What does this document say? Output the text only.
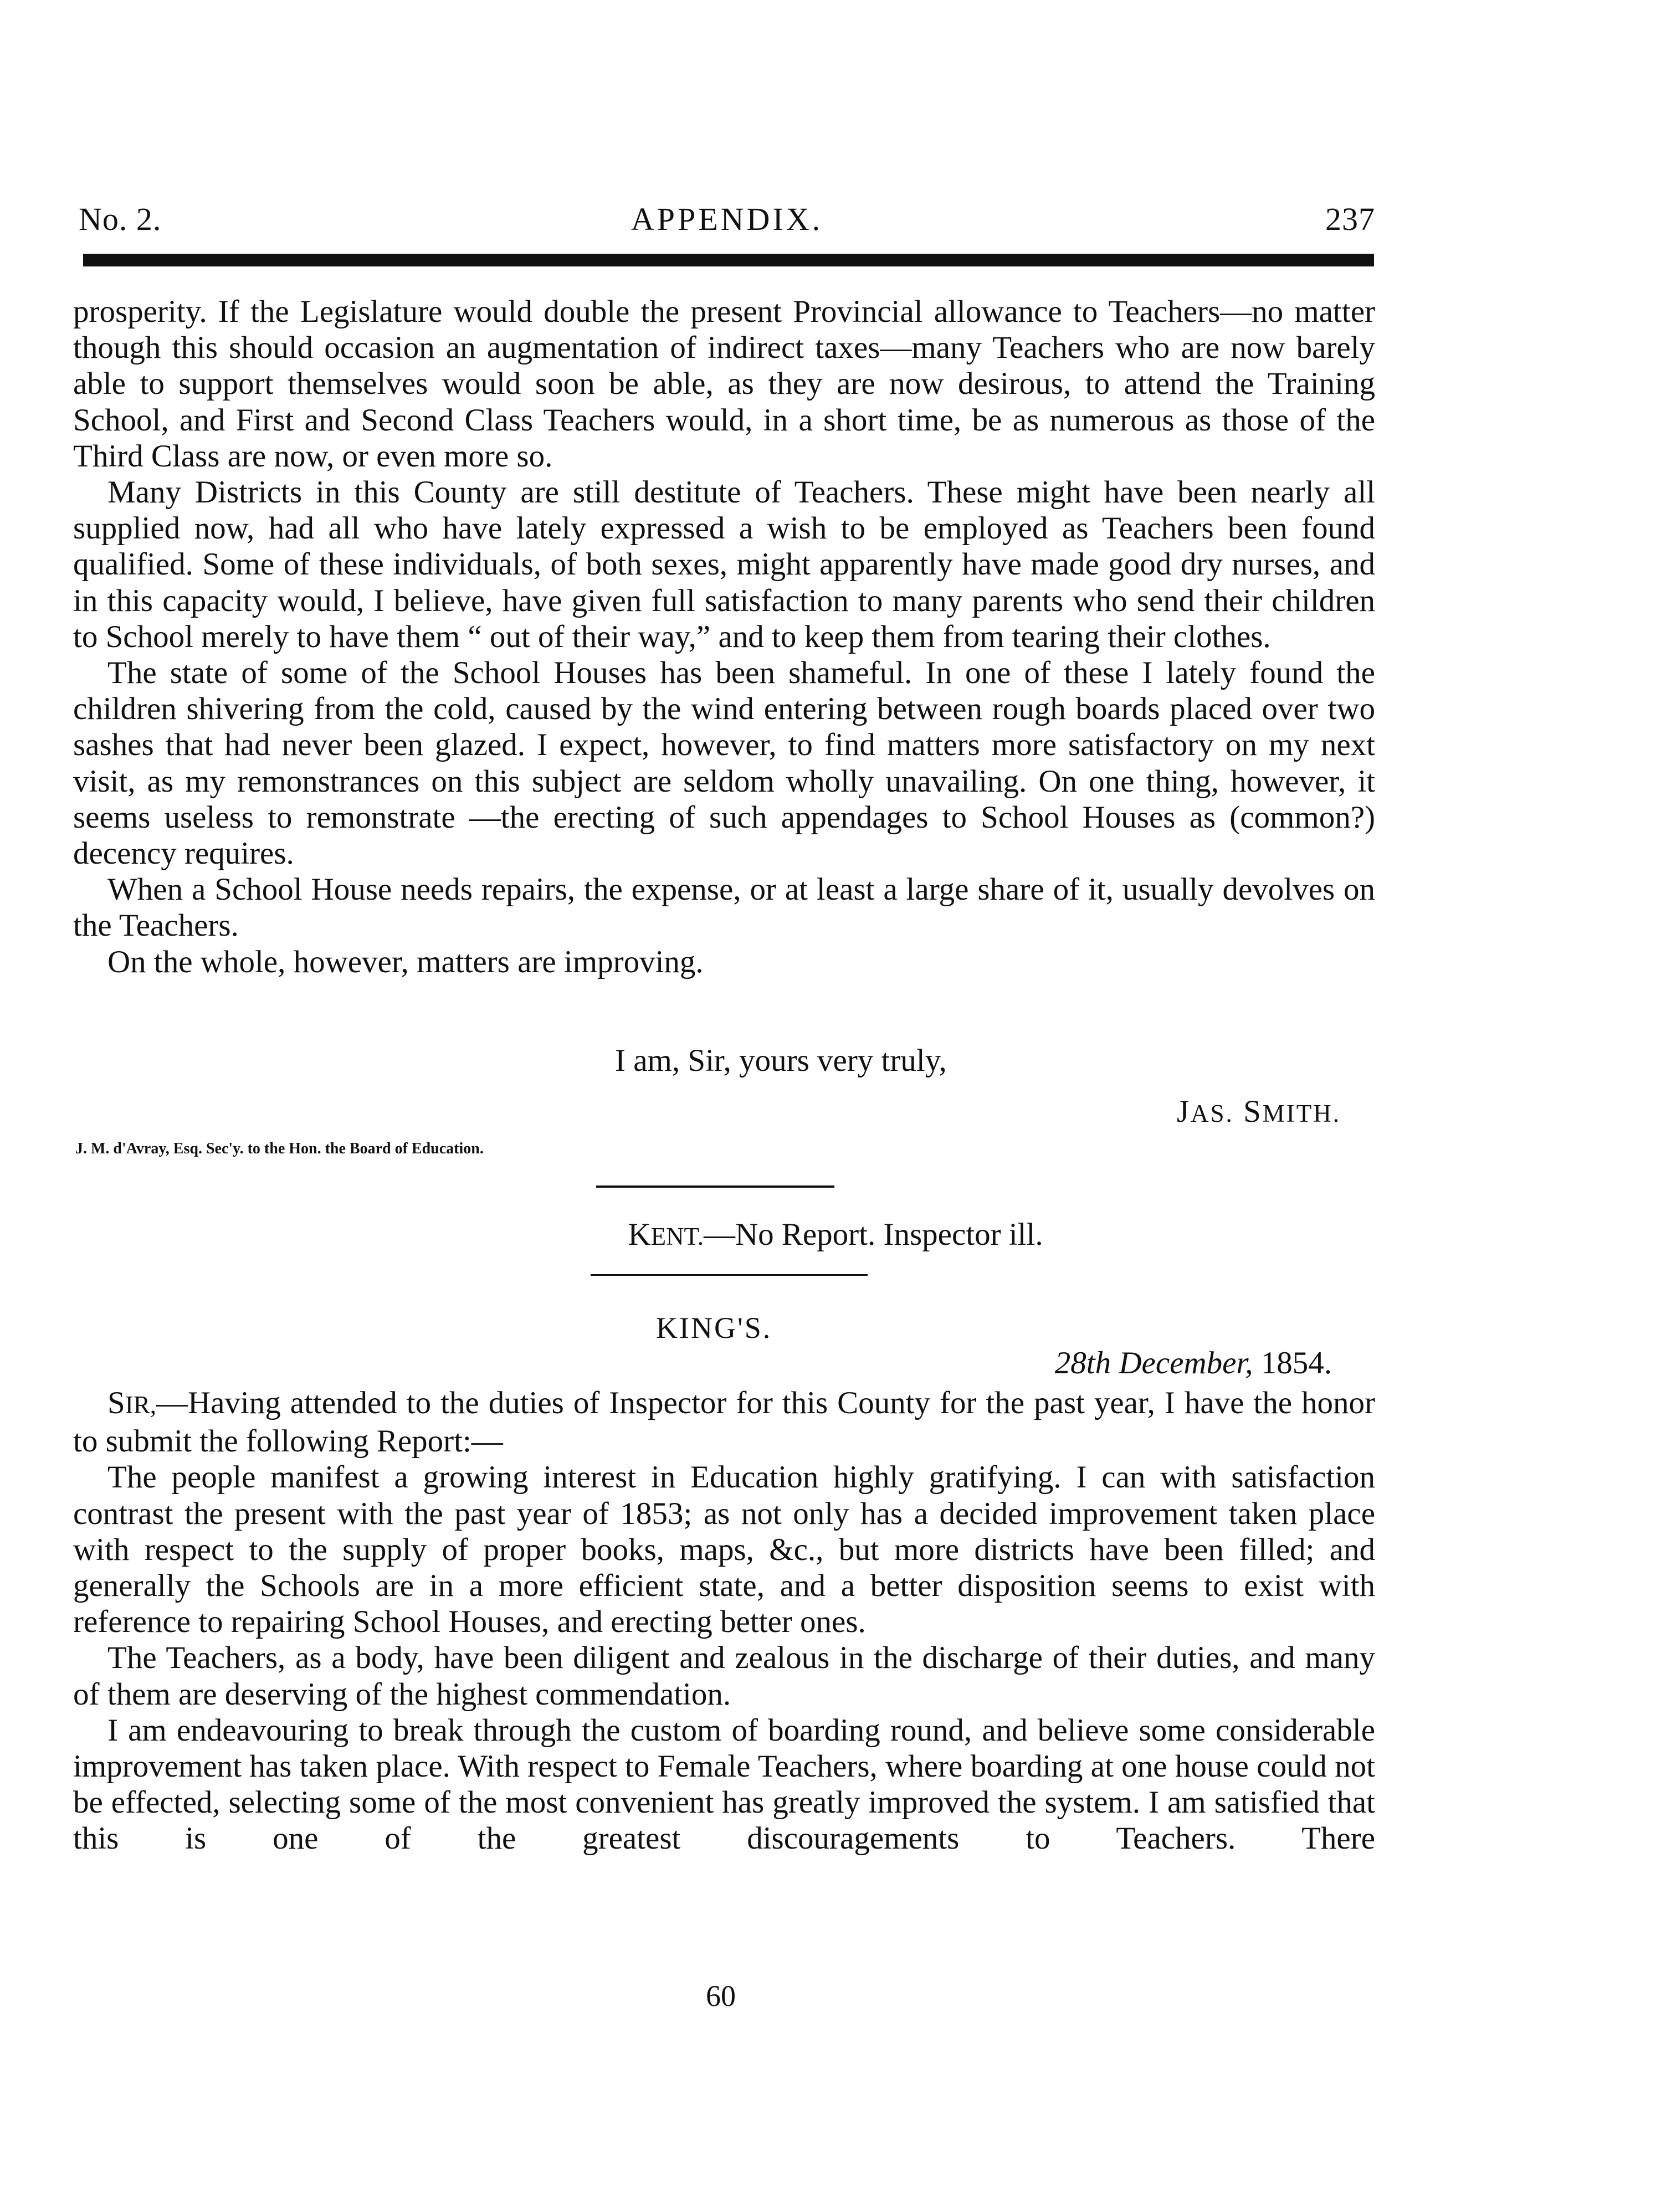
No. 2.	APPENDIX.	237

prosperity. If the Legislature would double the present Provincial allowance to Teachers—no matter though this should occasion an augmentation of indirect taxes—many Teachers who are now barely able to support themselves would soon be able, as they are now desirous, to attend the Training School, and First and Second Class Teachers would, in a short time, be as numerous as those of the Third Class are now, or even more so.

Many Districts in this County are still destitute of Teachers. These might have been nearly all supplied now, had all who have lately expressed a wish to be employed as Teachers been found qualified. Some of these individuals, of both sexes, might apparently have made good dry nurses, and in this capacity would, I believe, have given full satisfaction to many parents who send their children to School merely to have them “ out of their way,” and to keep them from tearing their clothes.

The state of some of the School Houses has been shameful. In one of these I lately found the children shivering from the cold, caused by the wind entering between rough boards placed over two sashes that had never been glazed. I expect, however, to find matters more satisfactory on my next visit, as my remonstrances on this subject are seldom wholly unavailing. On one thing, however, it seems useless to remonstrate —the erecting of such appendages to School Houses as (common?) decency requires.

When a School House needs repairs, the expense, or at least a large share of it, usually devolves on the Teachers.

On the whole, however, matters are improving.

I am, Sir, yours very truly,
JAS. SMITH.
J. M. d'Avray, Esq. Sec'y. to the Hon. the Board of Education.
KENT.—No Report. Inspector ill.
KING'S.
28th December, 1854.

SIR,—Having attended to the duties of Inspector for this County for the past year, I have the honor to submit the following Report:—

The people manifest a growing interest in Education highly gratifying. I can with satisfaction contrast the present with the past year of 1853; as not only has a decided improvement taken place with respect to the supply of proper books, maps, &c., but more districts have been filled; and generally the Schools are in a more efficient state, and a better disposition seems to exist with reference to repairing School Houses, and erecting better ones.

The Teachers, as a body, have been diligent and zealous in the discharge of their duties, and many of them are deserving of the highest commendation.

I am endeavouring to break through the custom of boarding round, and believe some considerable improvement has taken place. With respect to Female Teachers, where boarding at one house could not be effected, selecting some of the most convenient has greatly improved the system. I am satisfied that this is one of the greatest discouragements to Teachers. There

60
